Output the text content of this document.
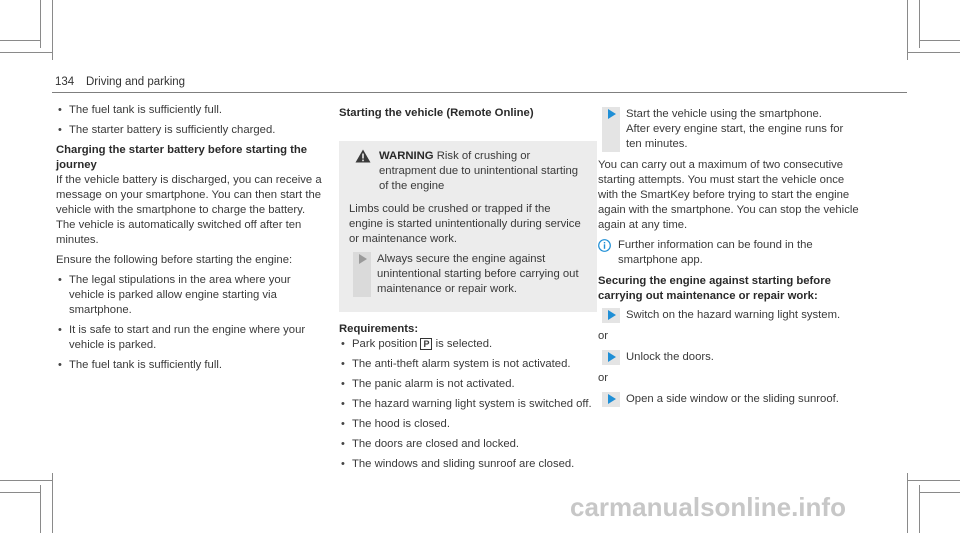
134 Driving and parking
• The fuel tank is sufficiently full.
• The starter battery is sufficiently charged.
Charging the starter battery before starting the journey

If the vehicle battery is discharged, you can receive a message on your smartphone. You can then start the vehicle with the smartphone to charge the battery. The vehicle is automatically switched off after ten minutes.

Ensure the following before starting the engine:

• The legal stipulations in the area where your vehicle is parked allow engine starting via smartphone.
• It is safe to start and run the engine where your vehicle is parked.
• The fuel tank is sufficiently full.
Starting the vehicle (Remote Online)
WARNING Risk of crushing or entrapment due to unintentional starting of the engine

Limbs could be crushed or trapped if the engine is started unintentionally during service or maintenance work.

Always secure the engine against unintentional starting before carrying out maintenance or repair work.
Requirements:
• Park position P is selected.
• The anti-theft alarm system is not activated.
• The panic alarm is not activated.
• The hazard warning light system is switched off.
• The hood is closed.
• The doors are closed and locked.
• The windows and sliding sunroof are closed.
Start the vehicle using the smartphone.
After every engine start, the engine runs for ten minutes.

You can carry out a maximum of two consecutive starting attempts. You must start the vehicle once with the SmartKey before trying to start the engine again with the smartphone. You can stop the vehicle again at any time.

Further information can be found in the smartphone app.
Securing the engine against starting before carrying out maintenance or repair work:
Switch on the hazard warning light system.
or
Unlock the doors.
or
Open a side window or the sliding sunroof.
carmanualsonline.info
